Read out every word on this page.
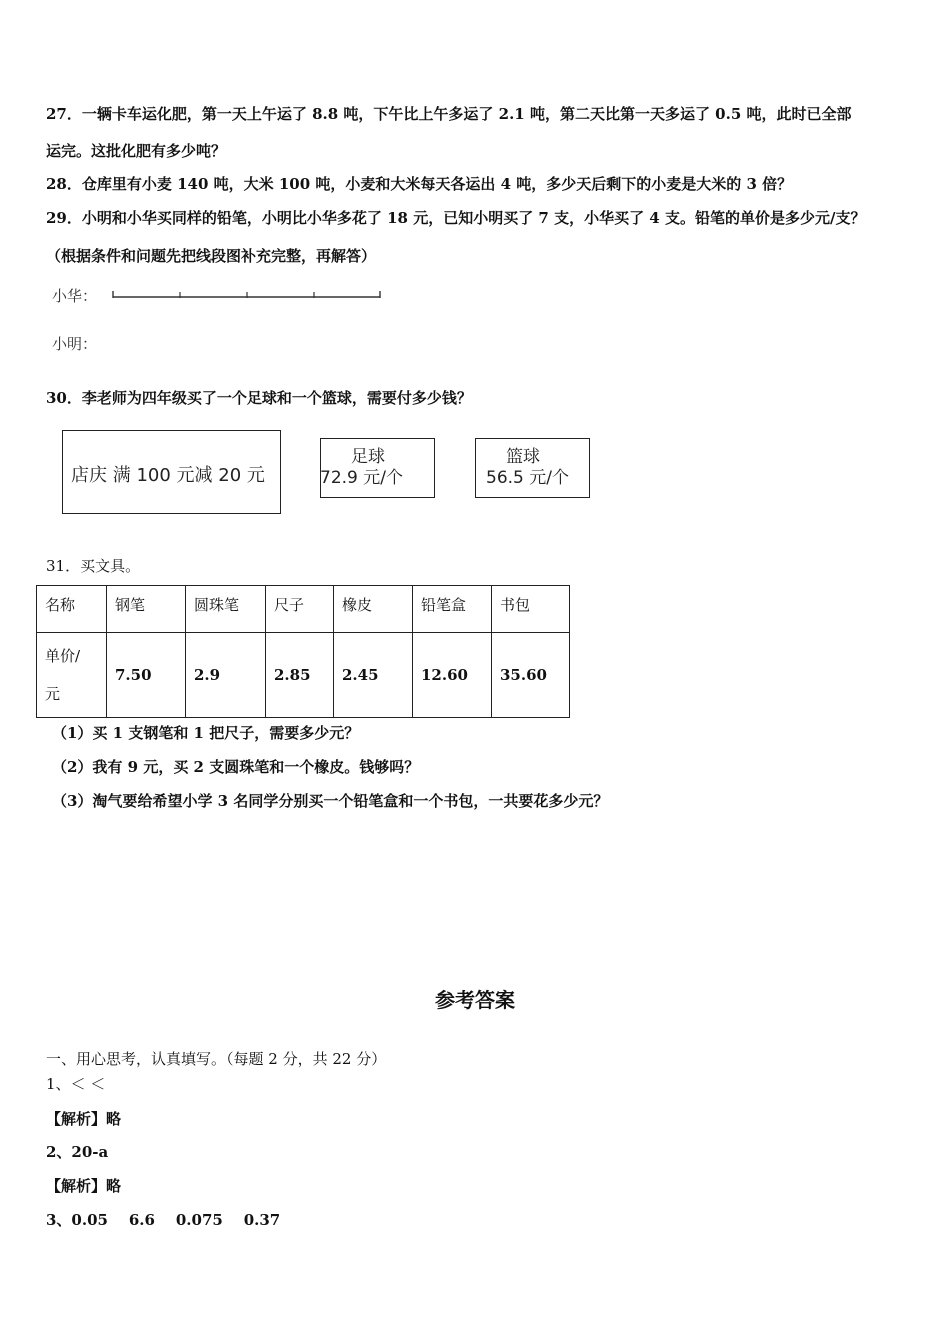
27．一辆卡车运化肥，第一天上午运了 8.8 吨，下午比上午多运了 2.1 吨，第二天比第一天多运了 0.5 吨，此时已全部
运完。这批化肥有多少吨？
28．仓库里有小麦 140 吨，大米 100 吨，小麦和大米每天各运出 4 吨，多少天后剩下的小麦是大米的 3 倍？
29．小明和小华买同样的铅笔，小明比小华多花了 18 元，已知小明买了 7 支，小华买了 4 支。铅笔的单价是多少元/支？
（根据条件和问题先把线段图补充完整，再解答）
小华：
小明：
30．李老师为四年级买了一个足球和一个篮球，需要付多少钱？
店庆 满 100 元减 20 元
足球
72.9 元/个
篮球
56.5 元/个
31．买文具。
名称	钢笔	圆珠笔	尺子	橡皮	铅笔盒	书包
单价/
元	7.50	2.9	2.85	2.45	12.60	35.60
（1）买 1 支钢笔和 1 把尺子，需要多少元？
（2）我有 9 元，买 2 支圆珠笔和一个橡皮。钱够吗？
（3）淘气要给希望小学 3 名同学分别买一个铅笔盒和一个书包，一共要花多少元？
参考答案
一、用心思考，认真填写。（每题 2 分，共 22 分）
1、＜ ＜
【解析】略
2、20-a
【解析】略
3、0.05    6.6    0.075    0.37
